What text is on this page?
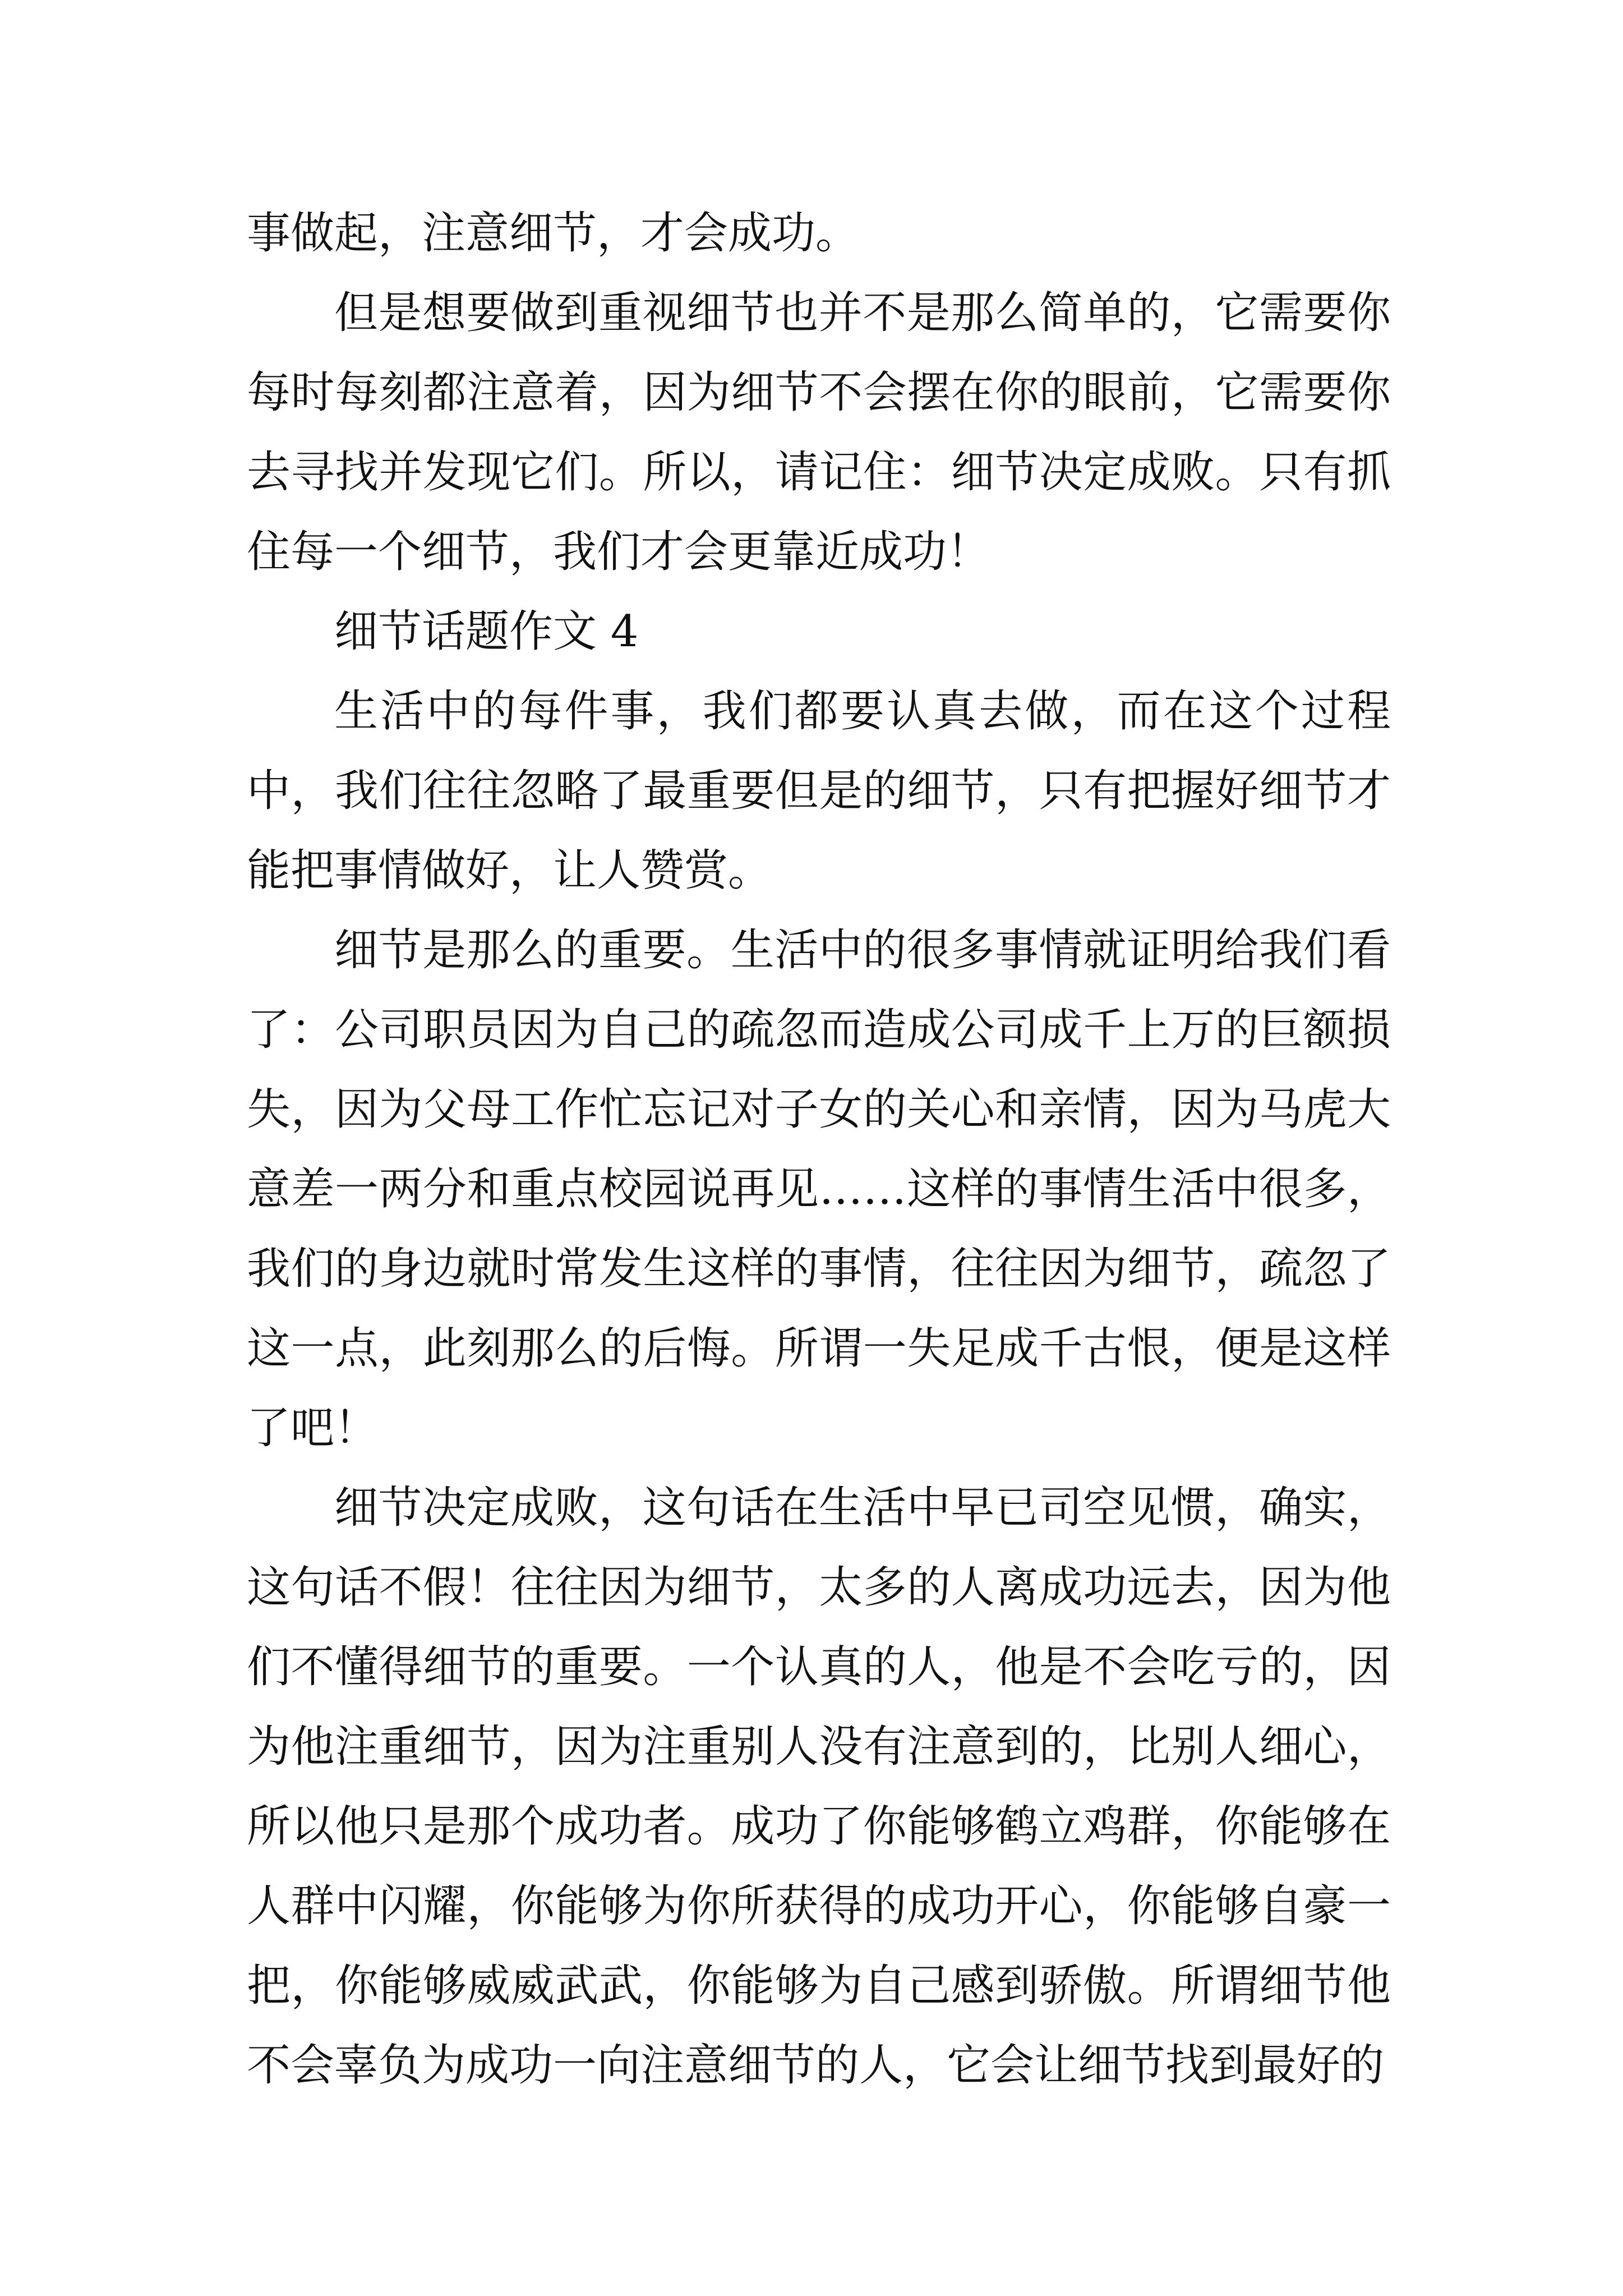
事做起，注意细节，才会成功。

但是想要做到重视细节也并不是那么简单的，它需要你每时每刻都注意着，因为细节不会摆在你的眼前，它需要你去寻找并发现它们。所以，请记住：细节决定成败。只有抓住每一个细节，我们才会更靠近成功！

细节话题作文 4

生活中的每件事，我们都要认真去做，而在这个过程中，我们往往忽略了最重要但是的细节，只有把握好细节才能把事情做好，让人赞赏。

细节是那么的重要。生活中的很多事情就证明给我们看了：公司职员因为自己的疏忽而造成公司成千上万的巨额损失，因为父母工作忙忘记对子女的关心和亲情，因为马虎大意差一两分和重点校园说再见……这样的事情生活中很多，我们的身边就时常发生这样的事情，往往因为细节，疏忽了这一点，此刻那么的后悔。所谓一失足成千古恨，便是这样了吧！

细节决定成败，这句话在生活中早已司空见惯，确实，这句话不假！往往因为细节，太多的人离成功远去，因为他们不懂得细节的重要。一个认真的人，他是不会吃亏的，因为他注重细节，因为注重别人没有注意到的，比别人细心，所以他只是那个成功者。成功了你能够鹤立鸡群，你能够在人群中闪耀，你能够为你所获得的成功开心，你能够自豪一把，你能够威威武武，你能够为自己感到骄傲。所谓细节他不会辜负为成功一向注意细节的人，它会让细节找到最好的
